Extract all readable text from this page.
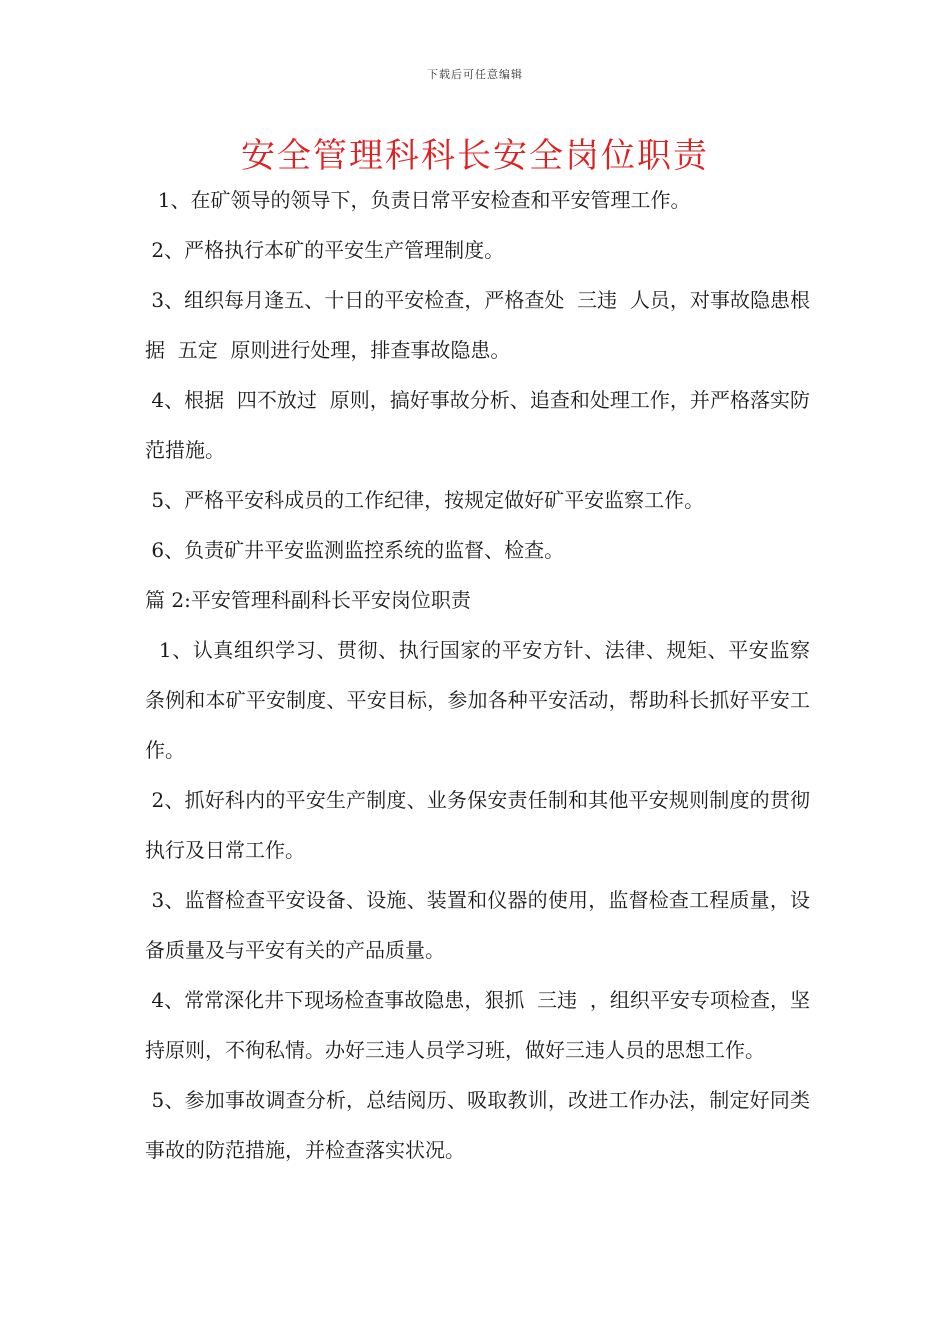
下载后可任意编辑
安全管理科科长安全岗位职责

1、在矿领导的领导下，负责日常平安检查和平安管理工作。

2、严格执行本矿的平安生产管理制度。

3、组织每月逢五、十日的平安检查，严格查处  三违  人员，对事故隐患根据  五定  原则进行处理，排查事故隐患。

4、根据  四不放过  原则，搞好事故分析、追查和处理工作，并严格落实防范措施。

5、严格平安科成员的工作纪律，按规定做好矿平安监察工作。

6、负责矿井平安监测监控系统的监督、检查。

篇 2:平安管理科副科长平安岗位职责

1、认真组织学习、贯彻、执行国家的平安方针、法律、规矩、平安监察条例和本矿平安制度、平安目标，参加各种平安活动，帮助科长抓好平安工作。

2、抓好科内的平安生产制度、业务保安责任制和其他平安规则制度的贯彻执行及日常工作。

3、监督检查平安设备、设施、装置和仪器的使用，监督检查工程质量，设备质量及与平安有关的产品质量。

4、常常深化井下现场检查事故隐患，狠抓  三违  ，组织平安专项检查，坚持原则，不徇私情。办好三违人员学习班，做好三违人员的思想工作。

5、参加事故调查分析，总结阅历、吸取教训，改进工作办法，制定好同类事故的防范措施，并检查落实状况。
